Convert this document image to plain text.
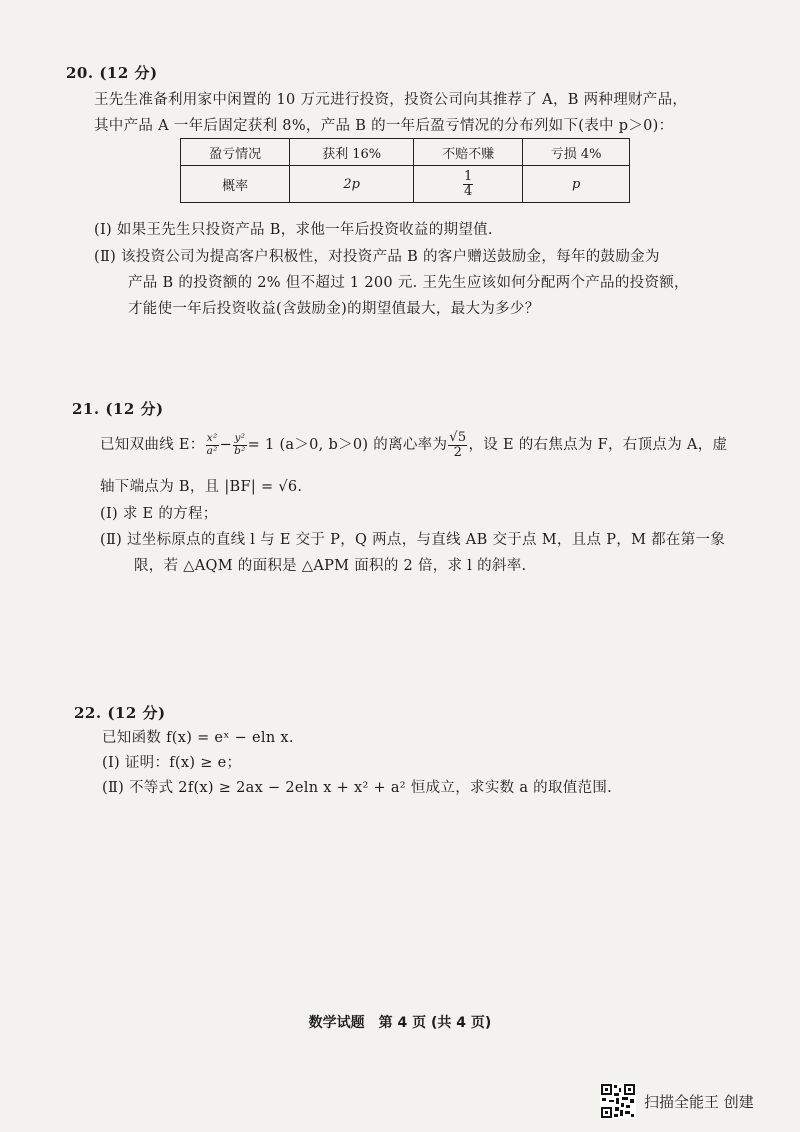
20. (12 分)
王先生准备利用家中闲置的 10 万元进行投资，投资公司向其推荐了 A，B 两种理财产品，
其中产品 A 一年后固定获利 8%，产品 B 的一年后盈亏情况的分布列如下(表中 p＞0)：
盈亏情况	获利 16%	不赔不赚	亏损 4%
概率	2p	$\frac{1}{4}$	p
(Ⅰ) 如果王先生只投资产品 B，求他一年后投资收益的期望值.
(Ⅱ) 该投资公司为提高客户积极性，对投资产品 B 的客户赠送鼓励金，每年的鼓励金为
产品 B 的投资额的 2% 但不超过 1 200 元. 王先生应该如何分配两个产品的投资额，
才能使一年后投资收益(含鼓励金)的期望值最大，最大为多少？
21. (12 分)
已知双曲线 E： $\frac{\text{x²}}{\text{a²}} - \frac{\text{y²}}{\text{b²}} = 1$ (a＞0, b＞0) 的离心率为 $\frac{√5}{2}$ ，设 E 的右焦点为 F，右顶点为 A，虚
轴下端点为 B，且 |BF| = √6.
(Ⅰ) 求 E 的方程；
(Ⅱ) 过坐标原点的直线 l 与 E 交于 P，Q 两点，与直线 AB 交于点 M，且点 P，M 都在第一象
限，若 △AQM 的面积是 △APM 面积的 2 倍，求 l 的斜率.
22. (12 分)
已知函数 f(x) = eˣ − eln x.
(Ⅰ) 证明：f(x) ≥ e；
(Ⅱ) 不等式 2f(x) ≥ 2ax − 2eln x + x² + a² 恒成立，求实数 a 的取值范围.
数学试题　第 4 页 (共 4 页)
扫描全能王 创建
